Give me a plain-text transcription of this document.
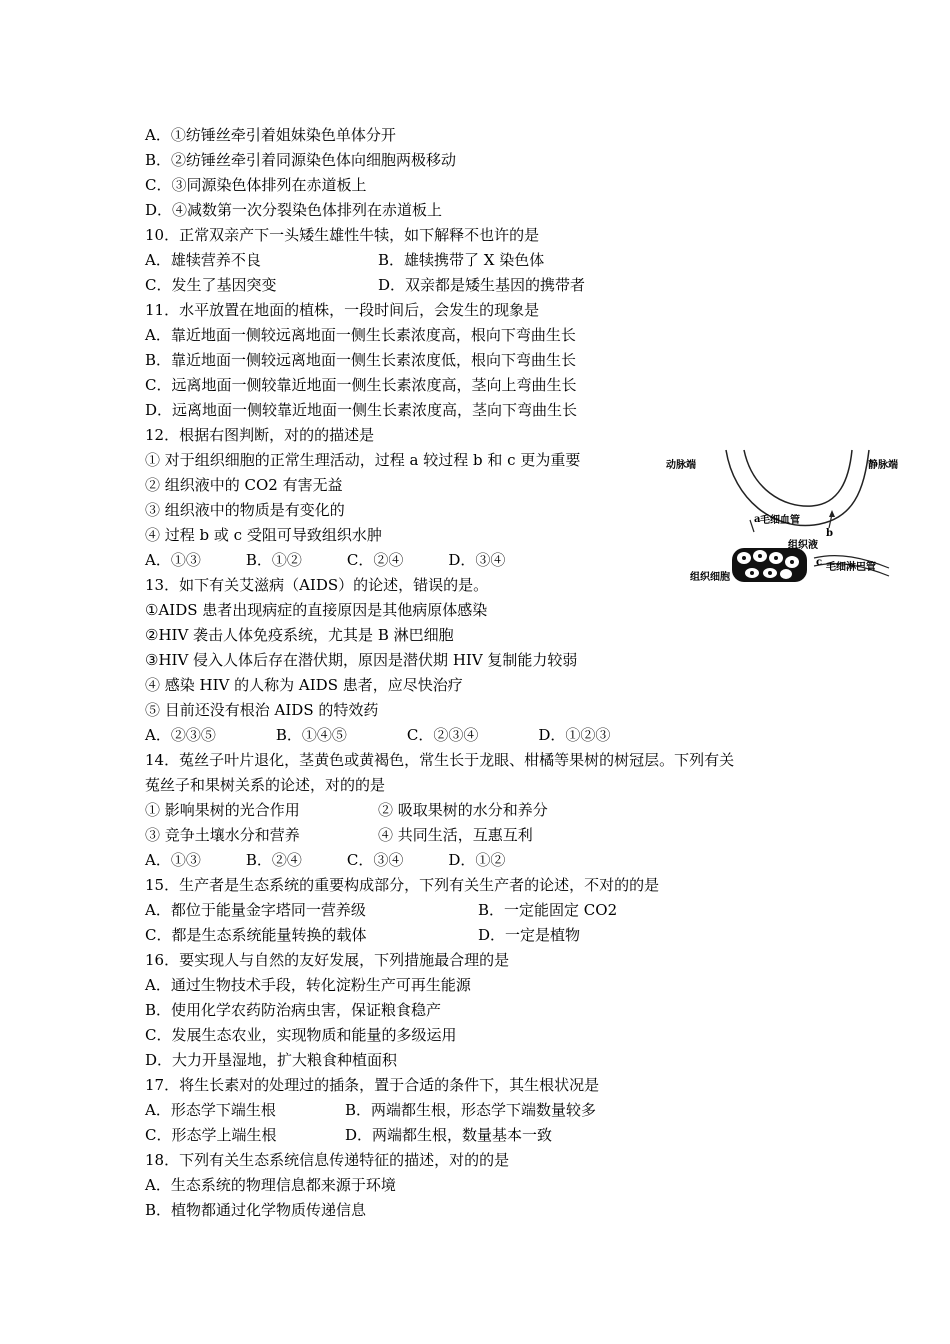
A．①纺锤丝牵引着姐妹染色单体分开
B．②纺锤丝牵引着同源染色体向细胞两极移动
C．③同源染色体排列在赤道板上
D．④减数第一次分裂染色体排列在赤道板上
10．正常双亲产下一头矮生雄性牛犊，如下解释不也许的是
A．雄犊营养不良	B．雄犊携带了 X 染色体
C．发生了基因突变	D．双亲都是矮生基因的携带者
11．水平放置在地面的植株，一段时间后，会发生的现象是
A．靠近地面一侧较远离地面一侧生长素浓度高，根向下弯曲生长
B．靠近地面一侧较远离地面一侧生长素浓度低，根向下弯曲生长
C．远离地面一侧较靠近地面一侧生长素浓度高，茎向上弯曲生长
D．远离地面一侧较靠近地面一侧生长素浓度高，茎向下弯曲生长
12．根据右图判断，对的的描述是
① 对于组织细胞的正常生理活动，过程 a 较过程 b 和 c 更为重要
② 组织液中的 CO2 有害无益
③ 组织液中的物质是有变化的
④ 过程 b 或 c 受阻可导致组织水肿
A．①③　　　B．①②　　　C．②④　　　D．③④
13．如下有关艾滋病（AIDS）的论述，错误的是。
①AIDS 患者出现病症的直接原因是其他病原体感染
②HIV 袭击人体免疫系统，尤其是 B 淋巴细胞
③HIV 侵入人体后存在潜伏期，原因是潜伏期 HIV 复制能力较弱
④ 感染 HIV 的人称为 AIDS 患者，应尽快治疗
⑤ 目前还没有根治 AIDS 的特效药
A．②③⑤　　　　B．①④⑤　　　　C．②③④　　　　D．①②③
14．菟丝子叶片退化，茎黄色或黄褐色，常生长于龙眼、柑橘等果树的树冠层。下列有关
菟丝子和果树关系的论述，对的的是
① 影响果树的光合作用	② 吸取果树的水分和养分
③ 竞争土壤水分和营养	④ 共同生活，互惠互利
A．①③　　　B．②④　　　C．③④　　　D．①②
15．生产者是生态系统的重要构成部分，下列有关生产者的论述，不对的的是
A．都位于能量金字塔同一营养级	B．一定能固定 CO2
C．都是生态系统能量转换的载体	D．一定是植物
16．要实现人与自然的友好发展，下列措施最合理的是
A．通过生物技术手段，转化淀粉生产可再生能源
B．使用化学农药防治病虫害，保证粮食稳产
C．发展生态农业，实现物质和能量的多级运用
D．大力开垦湿地，扩大粮食种植面积
17．将生长素对的处理过的插条，置于合适的条件下，其生根状况是
A．形态学下端生根	B．两端都生根，形态学下端数量较多
C．形态学上端生根	D．两端都生根，数量基本一致
18．下列有关生态系统信息传递特征的描述，对的的是
A．生态系统的物理信息都来源于环境
B．植物都通过化学物质传递信息
动脉端	静脉端
毛细血管
组织液
毛细淋巴管
组织细胞
a
b
c
